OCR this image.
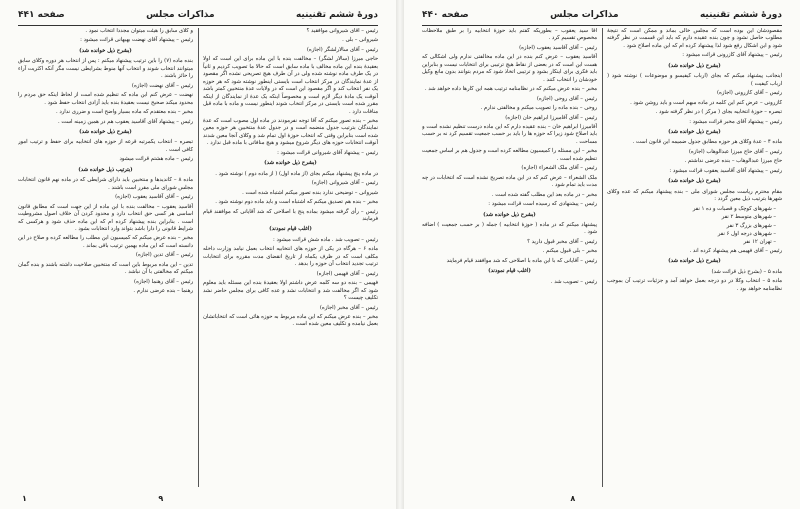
دورهٔ ششم تقنینیه
مذاکرات مجلس
صفحه ۴۴۱

رئیس – آقای شیروانی موافقید ؟

شیروانی – بلی .

رئیس – آقای سالارلشگر (اجازه)

حاجی میرزا (سالار لشگر) – مخالفت بنده با این ماده برای این است که اولا بعقیدهٔ بنده این ماده مخالف با ماده سابق است که حالا ما تصویب کردیم و ثانیاً در یک طرف ماده نوشته شده ولی در آن طرف هیچ تصریحی نشده اگر مقصود از عدهٔ نمایندگان در مرکز انتخاب است بایستی اینطور نوشته شود که هر حوزه یک نفر انتخاب کند و اگر مقصود این است که در ولایات عدهٔ منتخبین کمتر باشد آنوقت یک مادهٔ دیگر لازم است و مخصوصاً اینکه یک عدهٔ از نمایندگان از اینکه مقرر شده است بایستی در مرکز انتخاب شوند اینطور نیست و ماده با ماده قبل منافات دارد .

مخبر – بنده تصور میکنم که آقا توجه نفرمودند در ماده اول مصوب است که عدهٔ نمایندگان بترتیب جدول منضمه است و در جدول عدهٔ منتخبین هر حوزه معین شده است بنابراین وقتی که انتخاب حوزهٔ اول تمام شد و وکلای آنجا معین شدند آنوقت انتخابات حوزه های دیگر شروع میشود و هیچ منافاتی با ماده قبل ندارد .

رئیس – پیشنهاد آقای شیروانی قرائت میشود :

(بشرح ذیل خوانده شد)

در ماده پنج پیشنهاد میکنم بجای (از ماده اول) ( از ماده دوم ) نوشته شود .

رئیس – آقای شیروانی (اجازه)

شیروانی – توضیحی ندارد بنده تصور میکنم اشتباه شده است .

مخبر – بنده هم تصدیق میکنم که اشتباه است و باید ماده دوم نوشته شود .

رئیس – رأی گرفته میشود بماده پنج با اصلاحی که شد آقایانی که موافقند قیام فرمایند

(اغلب قیام نمودند)

رئیس – تصویب شد . ماده شش قرائت میشود :

ماده ۶ – هرگاه در یکی از حوزه های انتخابیه انتخاب بعمل نیامد وزارت داخله مکلف است که در ظرف یکماه از تاریخ انقضای مدت مقرره برای انتخابات ترتیب تجدید انتخاب آن حوزه را بدهد .

رئیس – آقای فهیمی (اجازه)

فهیمی – بنده دو سه کلمه عرض داشتم اولا بعقیدهٔ بنده این مسئله باید معلوم شود که اگر مخالفت شد و انتخابات نشد و عده کافی برای مجلس حاضر نشد تکلیف چیست ؟

رئیس – آقای مخبر (اجازه)

مخبر – بنده عرض میکنم که این ماده مربوط به حوزه هائی است که انتخاباتشان بعمل نیامده و تکلیف معین شده است .

و کلای سابق را هیئت میتوان مجدداً انتخاب نمود .

رئیس – پیشنهاد آقای نهضت بهبهانی قرائت میشود :

(بشرح ذیل خوانده شد)

بنده ماده (۷) را باین ترتیب پیشنهاد میکنم : پس از انتخاب هر دوره وکلای سابق میتوانند انتخاب شوند و انتخاب آنها منوط بشرایطی نیست مگر آنکه اکثریت آراء را حائز باشند .

رئیس – آقای نهضت (اجازه)

نهضت – عرض کنم این ماده که تنظیم شده است از لحاظ اینکه حق مردم را محدود میکند صحیح نیست بعقیدهٔ بنده باید آزادی انتخاب حفظ شود .

مخبر – بنده معتقدم که ماده بسیار واضح است و ضرری ندارد .

رئیس – پیشنهاد آقای آقاسید یعقوب هم در همین زمینه است .

(بشرح ذیل خوانده شد)

تبصره – انتخاب یکمرتبه قرعه از حوزه های انتخابیه برای حفظ و ترتیب امور کافی است .

رئیس – ماده هشتم قرائت میشود

(بترتیب ذیل خوانده شد)

ماده ۸ – کاندیدها و منتخبین باید دارای شرایطی که در ماده نهم قانون انتخابات مجلس شورای ملی مقرر است باشند .

رئیس – آقای آقاسید یعقوب (اجازه)

آقاسید یعقوب – مخالفت بنده با این ماده از این جهت است که مطابق قانون اساسی هر کسی حق انتخاب دارد و محدود کردن آن خلاف اصول مشروطیت است . بنابراین بنده پیشنهاد کرده ام که این ماده حذف شود و هرکسی که شرایط قانونی را دارا باشد بتواند وارد انتخابات بشود .

مخبر – بنده عرض میکنم که کمیسیون این مطلب را مطالعه کرده و صلاح در این دانسته است که این ماده بهمین ترتیب باقی بماند .

رئیس – آقای تدین (اجازه)

تدین – این ماده مربوط باین است که منتخبین صلاحیت داشته باشند و بنده گمان میکنم که مخالفتی با آن نباشد .

رئیس – آقای رهنما (اجازه)

رهنما – بنده عرضی ندارم .

۹
۱
دورهٔ ششم تقنینیه
مذاکرات مجلس
صفحه ۴۴۰

مقصودشان این بوده است که مجلس خالی بماند و ممکن است که نتیجهٔ مطلوب حاصل نشود و چون بنده عقیده دارم که باید این قسمت در نظر گرفته شود و این اشکال رفع شود لذا پیشنهاد کرده ام که این ماده اصلاح شود .

رئیس – پیشنهاد آقای کازرونی قرائت میشود :

(بشرح ذیل خوانده شد)

اینجانب پیشنهاد میکنم که بجای (ارباب کیفیسو و موضوعات ) نوشته شود ( ارباب کیفیت )

رئیس – آقای کازرونی (اجازه)

کازرونی – عرض کنم این کلمه در ماده مبهم است و باید روشن شود .

تبصره – حوزهٔ انتخابیه بجای ( مرکز ) در نظر گرفته شود .

رئیس – پیشنهاد آقای مخبر قرائت میشود :

(بشرح ذیل خوانده شد)

ماده ۴ – عدهٔ وکلای هر حوزه مطابق جدول ضمیمه این قانون است .

رئیس – آقای حاج میرزا عبدالوهاب (اجازه)

حاج میرزا عبدالوهاب – بنده عرضی نداشتم .

رئیس – پیشنهاد آقای آقاسید یعقوب قرائت میشود :

(بشرح ذیل خوانده شد)

مقام محترم ریاست مجلس شورای ملی – بنده پیشنهاد میکنم که عده وکلای شهرها بترتیب ذیل معین گردد :

– شهرهای کوچک و قصبات و ده ۱ نفر

– شهرهای متوسط ۲ نفر

– شهرهای بزرگ ۳ نفر

– شهرهای درجه اول ۶ نفر

– تهران ۱۲ نفر

رئیس – آقای فهیمی هم پیشنهاد کرده اند .

(بشرح ذیل خوانده شد)

ماده ۵ – (بشرح ذیل قرائت شد)

ماده ۵ – انتخاب وکلا در دو درجه بعمل خواهد آمد و جزئیات ترتیب آن بموجب نظامنامه خواهد بود .

آقا سید یعقوب – بطوریکه گفتم باید حوزهٔ انتخابیه را بر طبق ملاحظات مخصوص تقسیم کرد .

رئیس – آقای آقاسید یعقوب (اجازه)

آقاسید یعقوب – عرض کنم بنده در این ماده مخالفتی ندارم ولی اشکالی که هست این است که در بعضی از نقاط هیچ ترتیبی برای انتخابات نیست و بنابراین باید فکری برای اینکار بشود و ترتیبی اتخاذ شود که مردم بتوانند بدون مانع وکیل خودشان را انتخاب کنند .

مخبر – بنده عرض میکنم که در نظامنامه ترتیب همه این کارها داده خواهد شد .

رئیس – آقای روحی (اجازه)

روحی – بنده ماده را تصویب میکنم و مخالفتی ندارم .

رئیس – آقای آقامیرزا ابراهیم خان (اجازه)

آقامیرزا ابراهیم خان – بنده عقیده دارم که این ماده درست تنظیم نشده است و باید اصلاح شود زیرا که حوزه ها را باید بر حسب جمعیت تقسیم کرد نه بر حسب مساحت .

مخبر – این مسئله را کمیسیون مطالعه کرده است و جدول هم بر اساس جمعیت تنظیم شده است .

رئیس – آقای ملک الشعراء (اجازه)

ملک الشعراء – عرض کنم که در این ماده تصریح نشده است که انتخابات در چه مدت باید تمام شود .

مخبر – در ماده بعد این مطلب گفته شده است .

رئیس – پیشنهادی که رسیده است قرائت میشود :

(بشرح ذیل خوانده شد)

پیشنهاد میکنم که در ماده ( حوزهٔ انتخابیه ) جمله ( بر حسب جمعیت ) اضافه شود .

رئیس – آقای مخبر قبول دارید ؟

مخبر – بلی قبول میکنم .

رئیس – آقایانی که با این ماده با اصلاحی که شد موافقند قیام فرمایند

(اغلب قیام نمودند)

رئیس – تصویب شد .

۸
